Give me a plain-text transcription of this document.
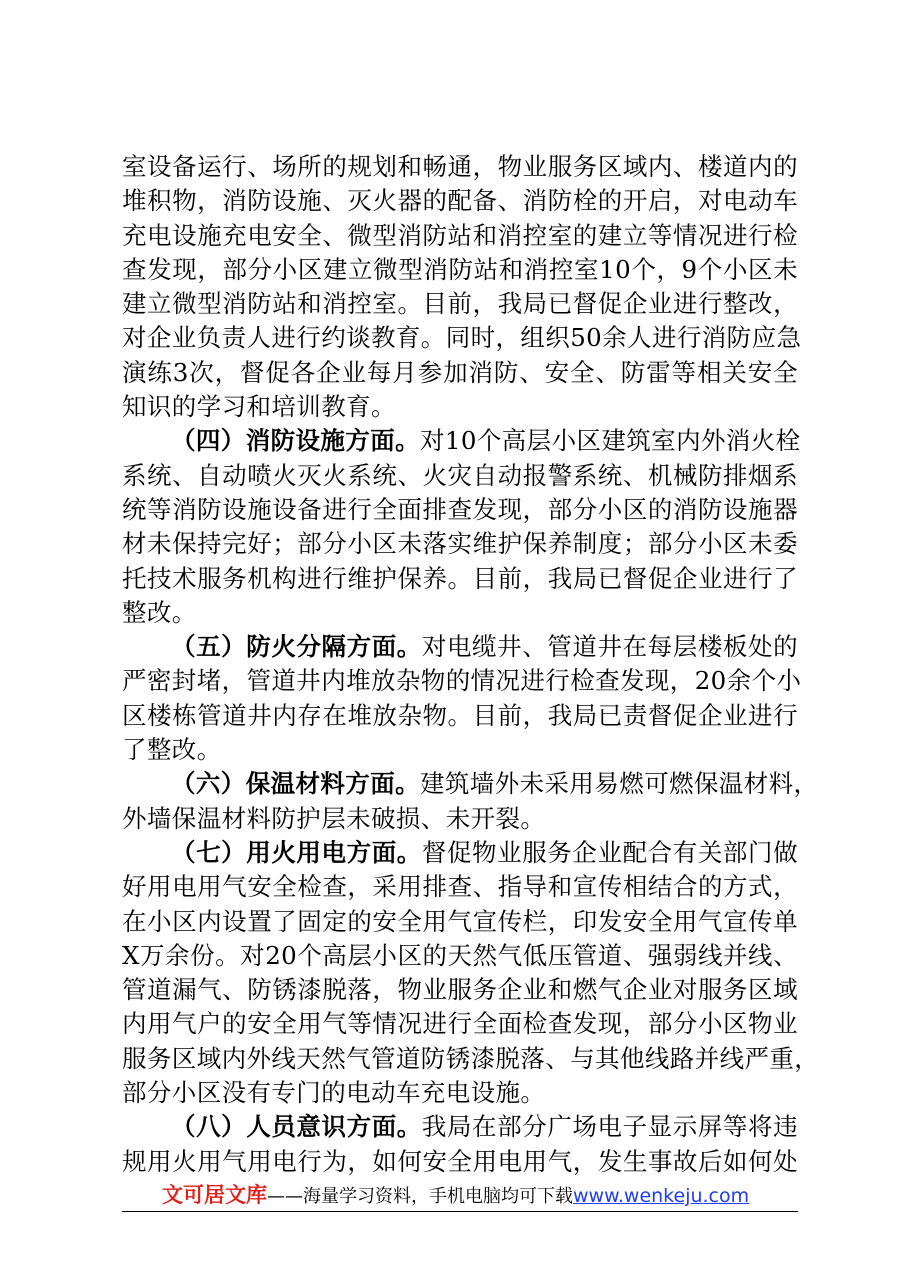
室设备运行、场所的规划和畅通，物业服务区域内、楼道内的
堆积物，消防设施、灭火器的配备、消防栓的开启，对电动车
充电设施充电安全、微型消防站和消控室的建立等情况进行检
查发现，部分小区建立微型消防站和消控室10个，9个小区未
建立微型消防站和消控室。目前，我局已督促企业进行整改，
对企业负责人进行约谈教育。同时，组织50余人进行消防应急
演练3次，督促各企业每月参加消防、安全、防雷等相关安全
知识的学习和培训教育。
（四）消防设施方面。对10个高层小区建筑室内外消火栓
系统、自动喷火灭火系统、火灾自动报警系统、机械防排烟系
统等消防设施设备进行全面排查发现，部分小区的消防设施器
材未保持完好；部分小区未落实维护保养制度；部分小区未委
托技术服务机构进行维护保养。目前，我局已督促企业进行了
整改。
（五）防火分隔方面。对电缆井、管道井在每层楼板处的
严密封堵，管道井内堆放杂物的情况进行检查发现，20余个小
区楼栋管道井内存在堆放杂物。目前，我局已责督促企业进行
了整改。
（六）保温材料方面。建筑墙外未采用易燃可燃保温材料，
外墙保温材料防护层未破损、未开裂。
（七）用火用电方面。督促物业服务企业配合有关部门做
好用电用气安全检查，采用排查、指导和宣传相结合的方式，
在小区内设置了固定的安全用气宣传栏，印发安全用气宣传单
X万余份。对20个高层小区的天然气低压管道、强弱线并线、
管道漏气、防锈漆脱落，物业服务企业和燃气企业对服务区域
内用气户的安全用气等情况进行全面检查发现，部分小区物业
服务区域内外线天然气管道防锈漆脱落、与其他线路并线严重，
部分小区没有专门的电动车充电设施。
（八）人员意识方面。我局在部分广场电子显示屏等将违
规用火用气用电行为，如何安全用电用气，发生事故后如何处
文可居文库——海量学习资料，手机电脑均可下载www.wenkeju.com
